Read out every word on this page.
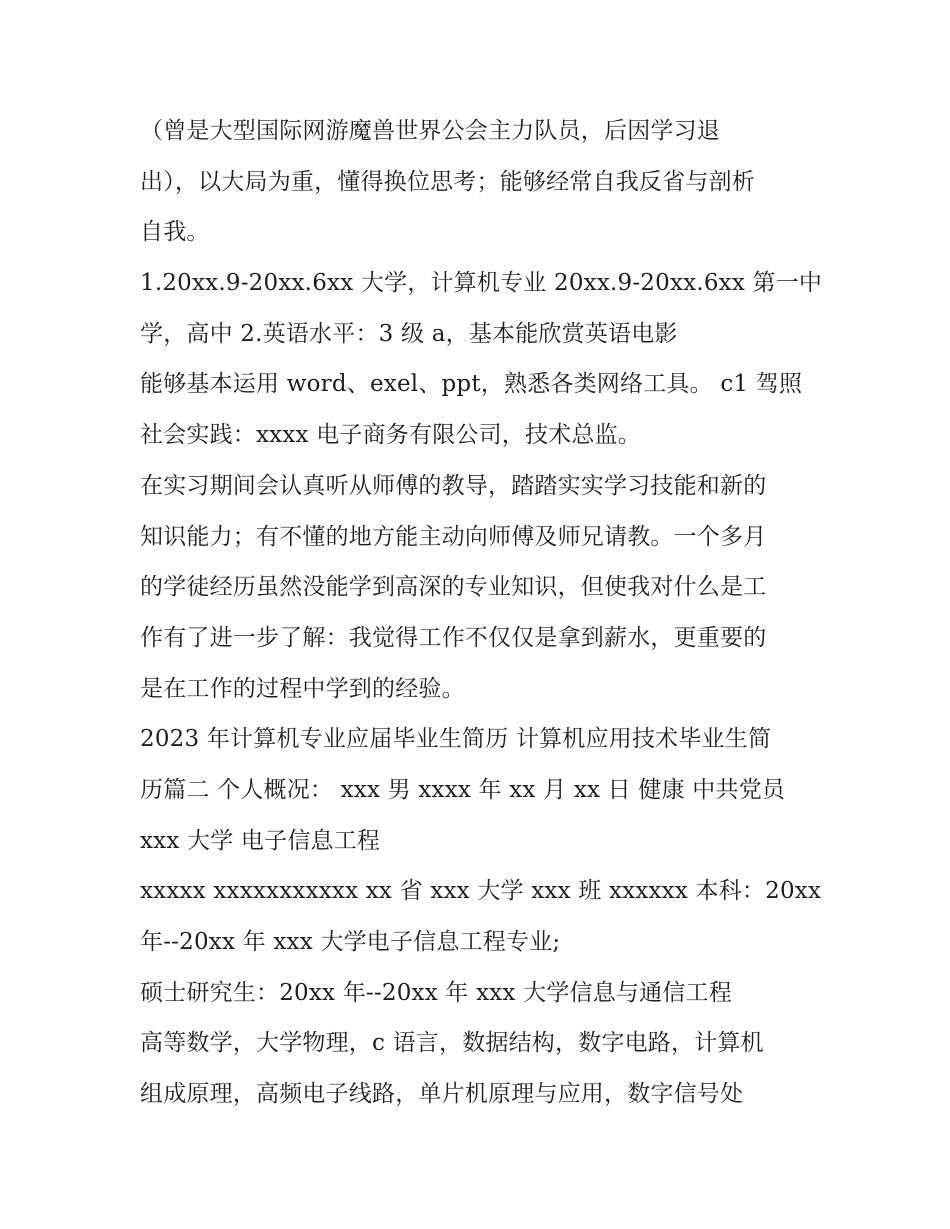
（曾是大型国际网游魔兽世界公会主力队员，后因学习退
出），以大局为重，懂得换位思考；能够经常自我反省与剖析
自我。
1.20xx.9-20xx.6xx 大学，计算机专业 20xx.9-20xx.6xx 第一中
学，高中 2.英语水平：3 级 a，基本能欣赏英语电影
能够基本运用 word、exel、ppt，熟悉各类网络工具。 c1 驾照
社会实践：xxxx 电子商务有限公司，技术总监。
在实习期间会认真听从师傅的教导，踏踏实实学习技能和新的
知识能力；有不懂的地方能主动向师傅及师兄请教。一个多月
的学徒经历虽然没能学到高深的专业知识，但使我对什么是工
作有了进一步了解：我觉得工作不仅仅是拿到薪水，更重要的
是在工作的过程中学到的经验。
2023 年计算机专业应届毕业生简历 计算机应用技术毕业生简
历篇二 个人概况： xxx 男 xxxx 年 xx 月 xx 日 健康 中共党员
xxx 大学 电子信息工程
xxxxx xxxxxxxxxxx xx 省 xxx 大学 xxx 班 xxxxxx 本科：20xx
年--20xx 年 xxx 大学电子信息工程专业;
硕士研究生：20xx 年--20xx 年 xxx 大学信息与通信工程
高等数学，大学物理，c 语言，数据结构，数字电路，计算机
组成原理，高频电子线路，单片机原理与应用，数字信号处
